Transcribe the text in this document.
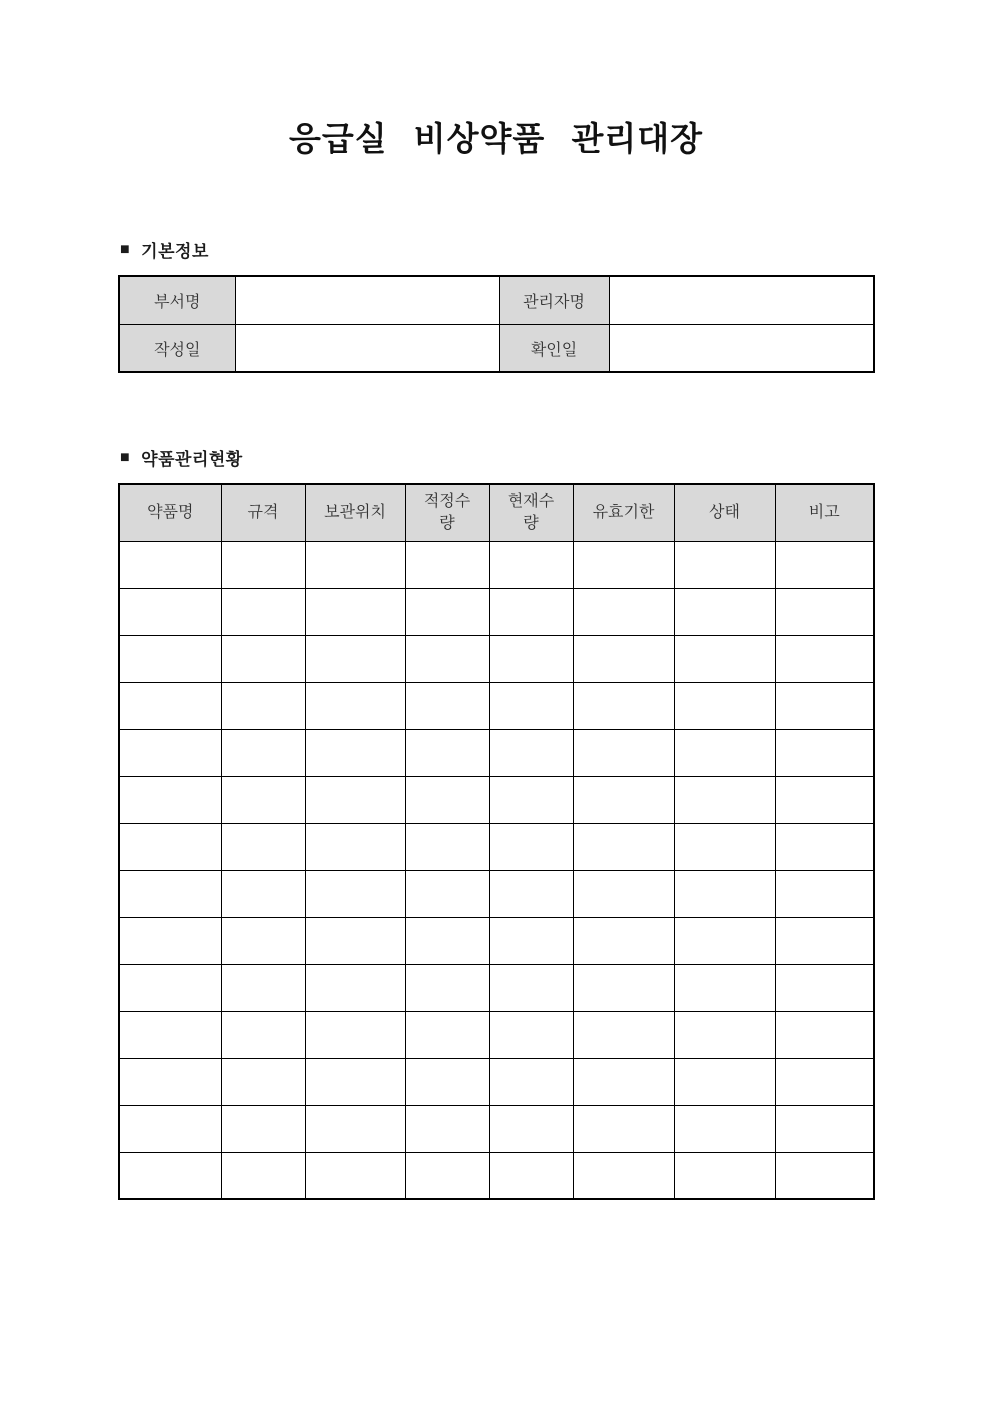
응급실 비상약품 관리대장
■ 기본정보
부서명		관리자명	
작성일		확인일	
■ 약품관리현황
약품명	규격	보관위치	적정수량	현재수량	유효기한	상태	비고
